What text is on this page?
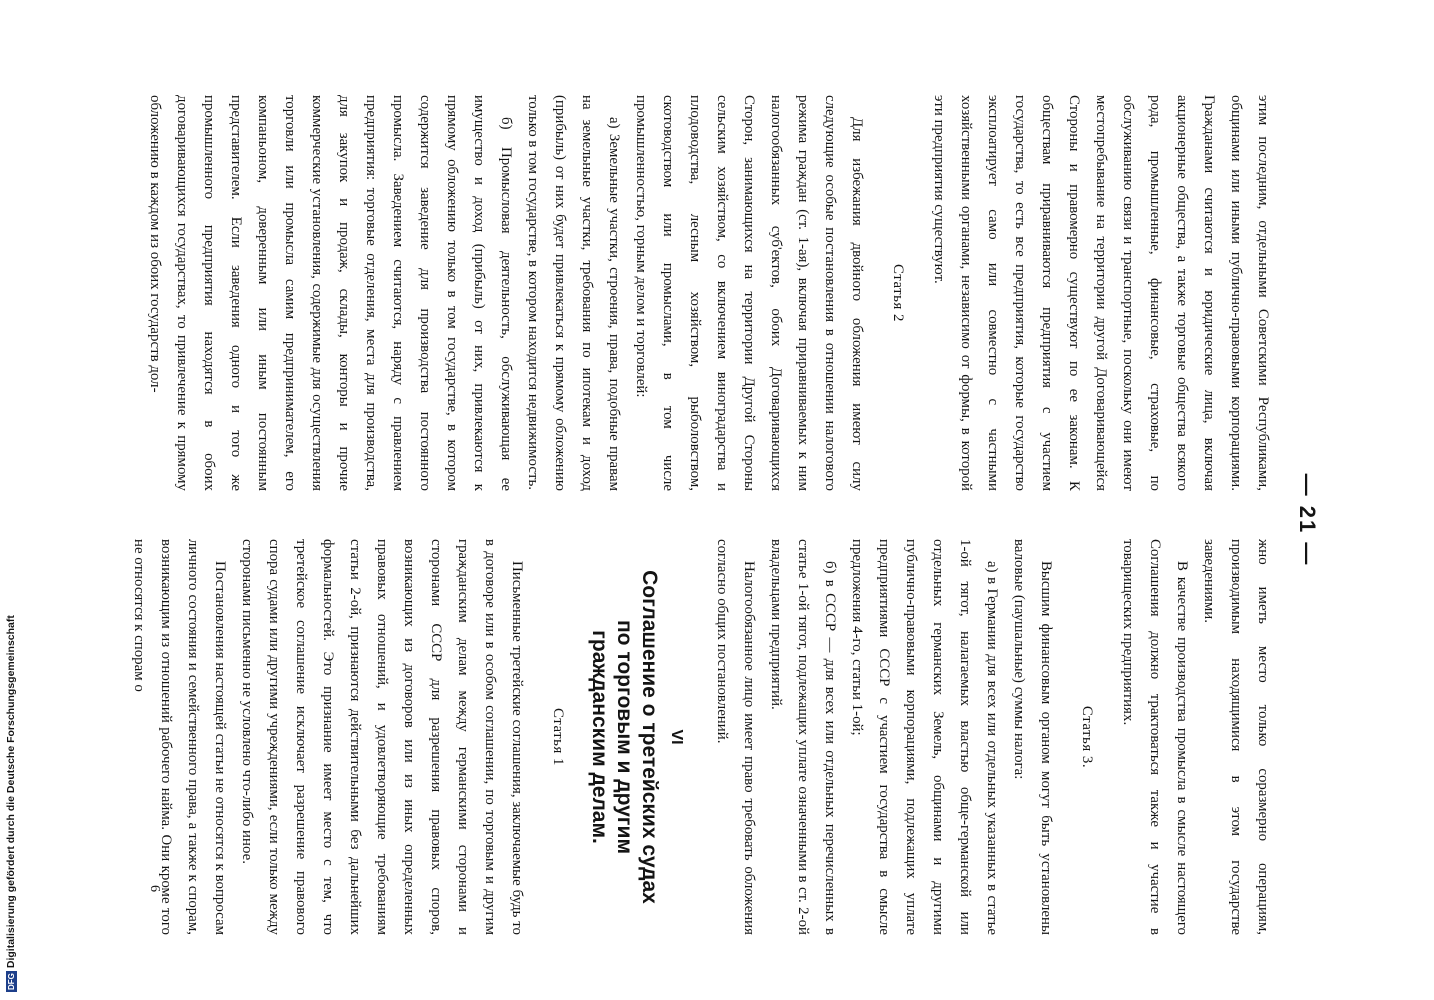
DFGDigitalisierung gefördert durch die Deutsche Forschungsgemeinschaft
— 21 —

этим последним, отдельными Советскими Республиками, общинами или иными публично-правовыми корпорациями. Гражданами считаются и юридические лица, включая акционерные общества, а также торговые общества всякого рода, промышленные, финансовые, страховые, по обслуживанию связи и транспортные, поскольку они имеют местопребывание на территории другой Договаривающейся Стороны и правомерно существуют по ее законам. К обществам приравниваются предприятия с участием государства, то есть все предприятия, которые государство эксплоатирует само или совместно с частными хозяйственными органами, независимо от формы, в которой эти предприятия существуют.

Статья 2

Для избежания двойного обложения имеют силу следующие особые постановления в отношении налогового режима граждан (ст. 1-ая), включая приравниваемых к ним налогообязанных суб'ектов, обоих Договаривающихся Сторон, занимающихся на территории Другой Стороны сельским хозяйством, со включением виноградарства и плодоводства, лесным хозяйством, рыболовством, скотоводством или промыслами, в том числе промышленностью, горным делом и торговлей:

а) Земельные участки, строения, права, подобные правам на земельные участки, требования по ипотекам и доход (прибыль) от них будет привлекаться к прямому обложению только в том государстве, в котором находится недвижимость.

б) Промысловая деятельность, обслуживающая ее имущество и доход (прибыль) от них, привлекаются к прямому обложению только в том государстве, в котором содержится заведение для производства постоянного промысла. Заведением считаются, наряду с правлением предприятия: торговые отделения, места для производства, для закупок и продаж, склады, конторы и прочие коммерческие установления, содержимые для осуществления торговли или промысла самим предпринимателем, его компаньоном, доверенным или иным постоянным представителем. Если заведения одного и того же промышленного предприятия находятся в обоих договаривающихся государствах, то привлечение к прямому обложению в каждом из обоих государств дол-

жно иметь место только соразмерно операциям, производимым находящимися в этом государстве заведениями.

В качестве производства промысла в смысле настоящего Соглашения должно трактоваться также и участие в товарищеских предприятиях.

Статья 3.

Высшим финансовым органом могут быть установлены валовые (паушальные) суммы налога:

а) в Германии для всех или отдельных указанных в статье 1-ой тягот, налагаемых властью обще-германской или отдельных германских Земель, общинами и другими публично-правовыми корпорациями, подлежащих уплате предприятиями СССР с участием государства в смысле предложения 4-го, статьи 1-ой;

б) в СССР — для всех или отдельных перечисленных в статье 1-ой тягот, подлежащих уплате означенными в ст. 2-ой владельцами предприятий.

Налогообязанное лицо имеет право требовать обложения согласно общих постановлений.

VI
Соглашение о третейских судах по торговым и другим гражданским делам.
Статья 1

Письменные третейские соглашения, заключаемые будь то в договоре или в особом соглашении, по торговым и другим гражданским делам между германскими сторонами и сторонами СССР для разрешения правовых споров, возникающих из договоров или из иных определенных правовых отношений, и удовлетворяющие требованиям статьи 2-ой, признаются действительными без дальнейших формальностей. Это признание имеет место с тем, что третейское соглашение исключает разрешение правового спора судами или другими учреждениями, если только между сторонами письменно не условлено что-либо иное.

Постановления настоящей статьи не относятся к вопросам личного состояния и семейственного права, а также к спорам, возникающим из отношений рабочего найма. Они кроме того не относятся к спорам о

6
